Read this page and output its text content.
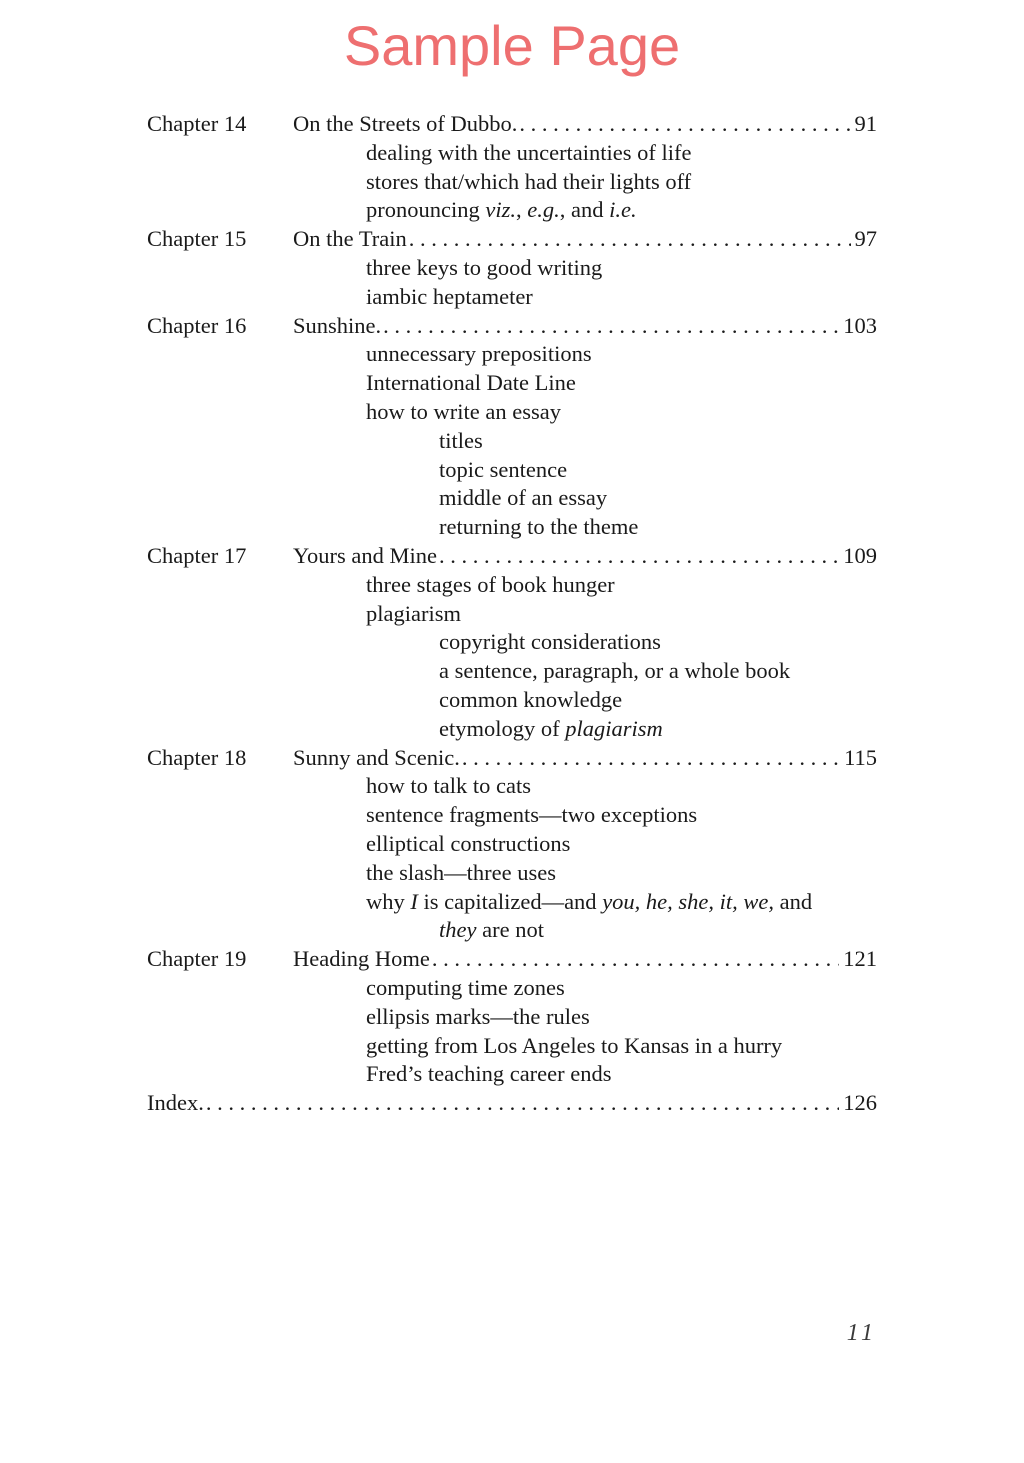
Sample Page
Chapter 14 On the Streets of Dubbo. . . .	91
dealing with the uncertainties of life
stores that/which had their lights off
pronouncing viz., e.g., and i.e.
Chapter 15 On the Train . . .	97
three keys to good writing
iambic heptameter
Chapter 16 Sunshine. . . .	103
unnecessary prepositions
International Date Line
how to write an essay
titles
topic sentence
middle of an essay
returning to the theme
Chapter 17 Yours and Mine . . .	109
three stages of book hunger
plagiarism
copyright considerations
a sentence, paragraph, or a whole book
common knowledge
etymology of plagiarism
Chapter 18 Sunny and Scenic. . . .	115
how to talk to cats
sentence fragments—two exceptions
elliptical constructions
the slash—three uses
why I is capitalized—and you, he, she, it, we, and
they are not
Chapter 19 Heading Home . . .	121
computing time zones
ellipsis marks—the rules
getting from Los Angeles to Kansas in a hurry
Fred’s teaching career ends
Index. . . .	126
11
